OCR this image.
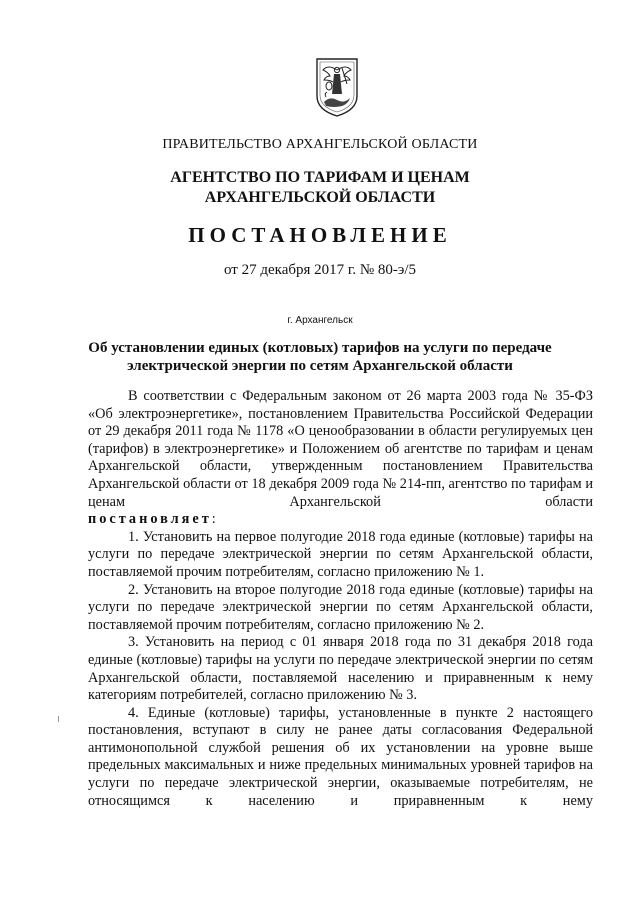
ПРАВИТЕЛЬСТВО АРХАНГЕЛЬСКОЙ ОБЛАСТИ
АГЕНТСТВО ПО ТАРИФАМ И ЦЕНАМ
АРХАНГЕЛЬСКОЙ ОБЛАСТИ
ПОСТАНОВЛЕНИЕ
от 27 декабря 2017 г. № 80-э/5
г. Архангельск
Об установлении единых (котловых) тарифов на услуги по передаче
электрической энергии по сетям Архангельской области

В соответствии с Федеральным законом от 26 марта 2003 года № 35-ФЗ «Об электроэнергетике», постановлением Правительства Российской Федерации от 29 декабря 2011 года № 1178 «О ценообразовании в области регулируемых цен (тарифов) в электроэнергетике» и Положением об агентстве по тарифам и ценам Архангельской области, утвержденным постановлением Правительства Архангельской области от 18 декабря 2009 года № 214-пп, агентство по тарифам и ценам Архангельской области

постановляет:

1. Установить на первое полугодие 2018 года единые (котловые) тарифы на услуги по передаче электрической энергии по сетям Архангельской области, поставляемой прочим потребителям, согласно приложению № 1.

2. Установить на второе полугодие 2018 года единые (котловые) тарифы на услуги по передаче электрической энергии по сетям Архангельской области, поставляемой прочим потребителям, согласно приложению № 2.

3. Установить на период с 01 января 2018 года по 31 декабря 2018 года единые (котловые) тарифы на услуги по передаче электрической энергии по сетям Архангельской области, поставляемой населению и приравненным к нему категориям потребителей, согласно приложению № 3.

4. Единые (котловые) тарифы, установленные в пункте 2 настоящего постановления, вступают в силу не ранее даты согласования Федеральной антимонопольной службой решения об их установлении на уровне выше предельных максимальных и ниже предельных минимальных уровней тарифов на услуги по передаче электрической энергии, оказываемые потребителям, не относящимся к населению и приравненным к нему
